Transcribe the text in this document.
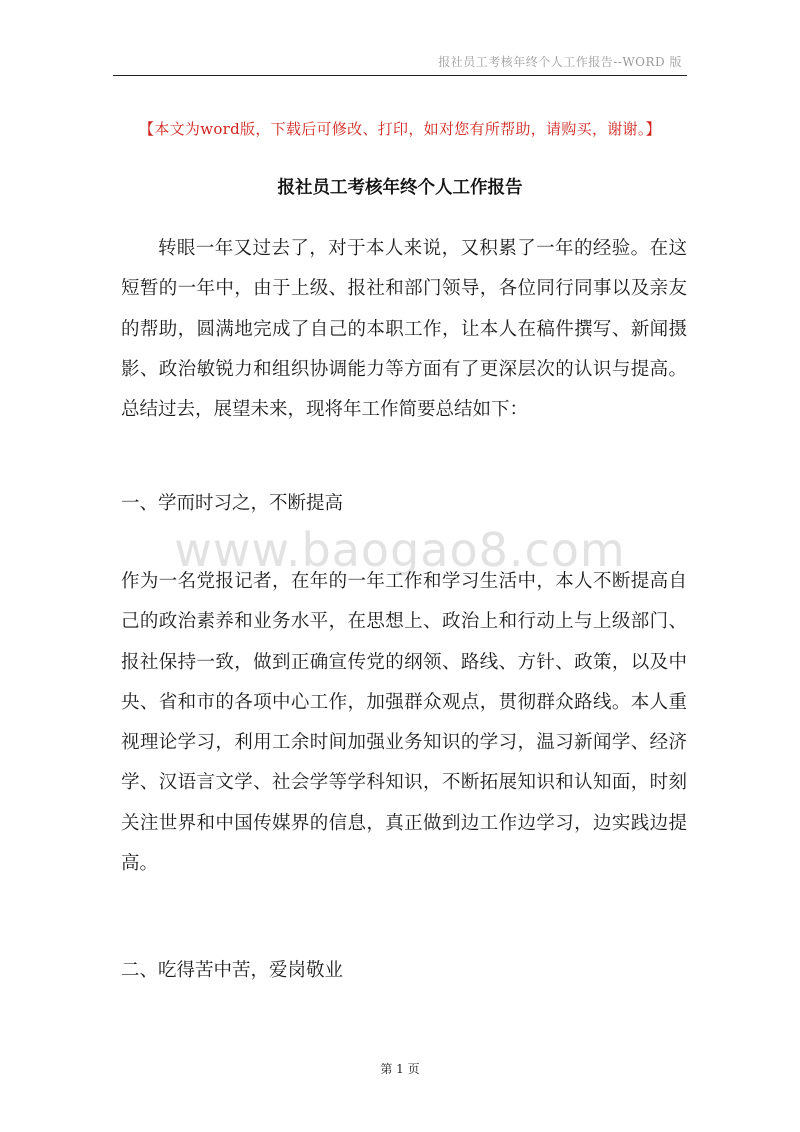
报社员工考核年终个人工作报告--WORD 版
【本文为word版，下载后可修改、打印，如对您有所帮助，请购买，谢谢。】
报社员工考核年终个人工作报告

转眼一年又过去了，对于本人来说，又积累了一年的经验。在这短暂的一年中，由于上级、报社和部门领导，各位同行同事以及亲友的帮助，圆满地完成了自己的本职工作，让本人在稿件撰写、新闻摄影、政治敏锐力和组织协调能力等方面有了更深层次的认识与提高。总结过去，展望未来，现将年工作简要总结如下：

一、学而时习之，不断提高
www.baogao8.com

作为一名党报记者，在年的一年工作和学习生活中，本人不断提高自己的政治素养和业务水平，在思想上、政治上和行动上与上级部门、报社保持一致，做到正确宣传党的纲领、路线、方针、政策，以及中央、省和市的各项中心工作，加强群众观点，贯彻群众路线。本人重视理论学习，利用工余时间加强业务知识的学习，温习新闻学、经济学、汉语言文学、社会学等学科知识，不断拓展知识和认知面，时刻关注世界和中国传媒界的信息，真正做到边工作边学习，边实践边提高。

二、吃得苦中苦，爱岗敬业
第 1 页
